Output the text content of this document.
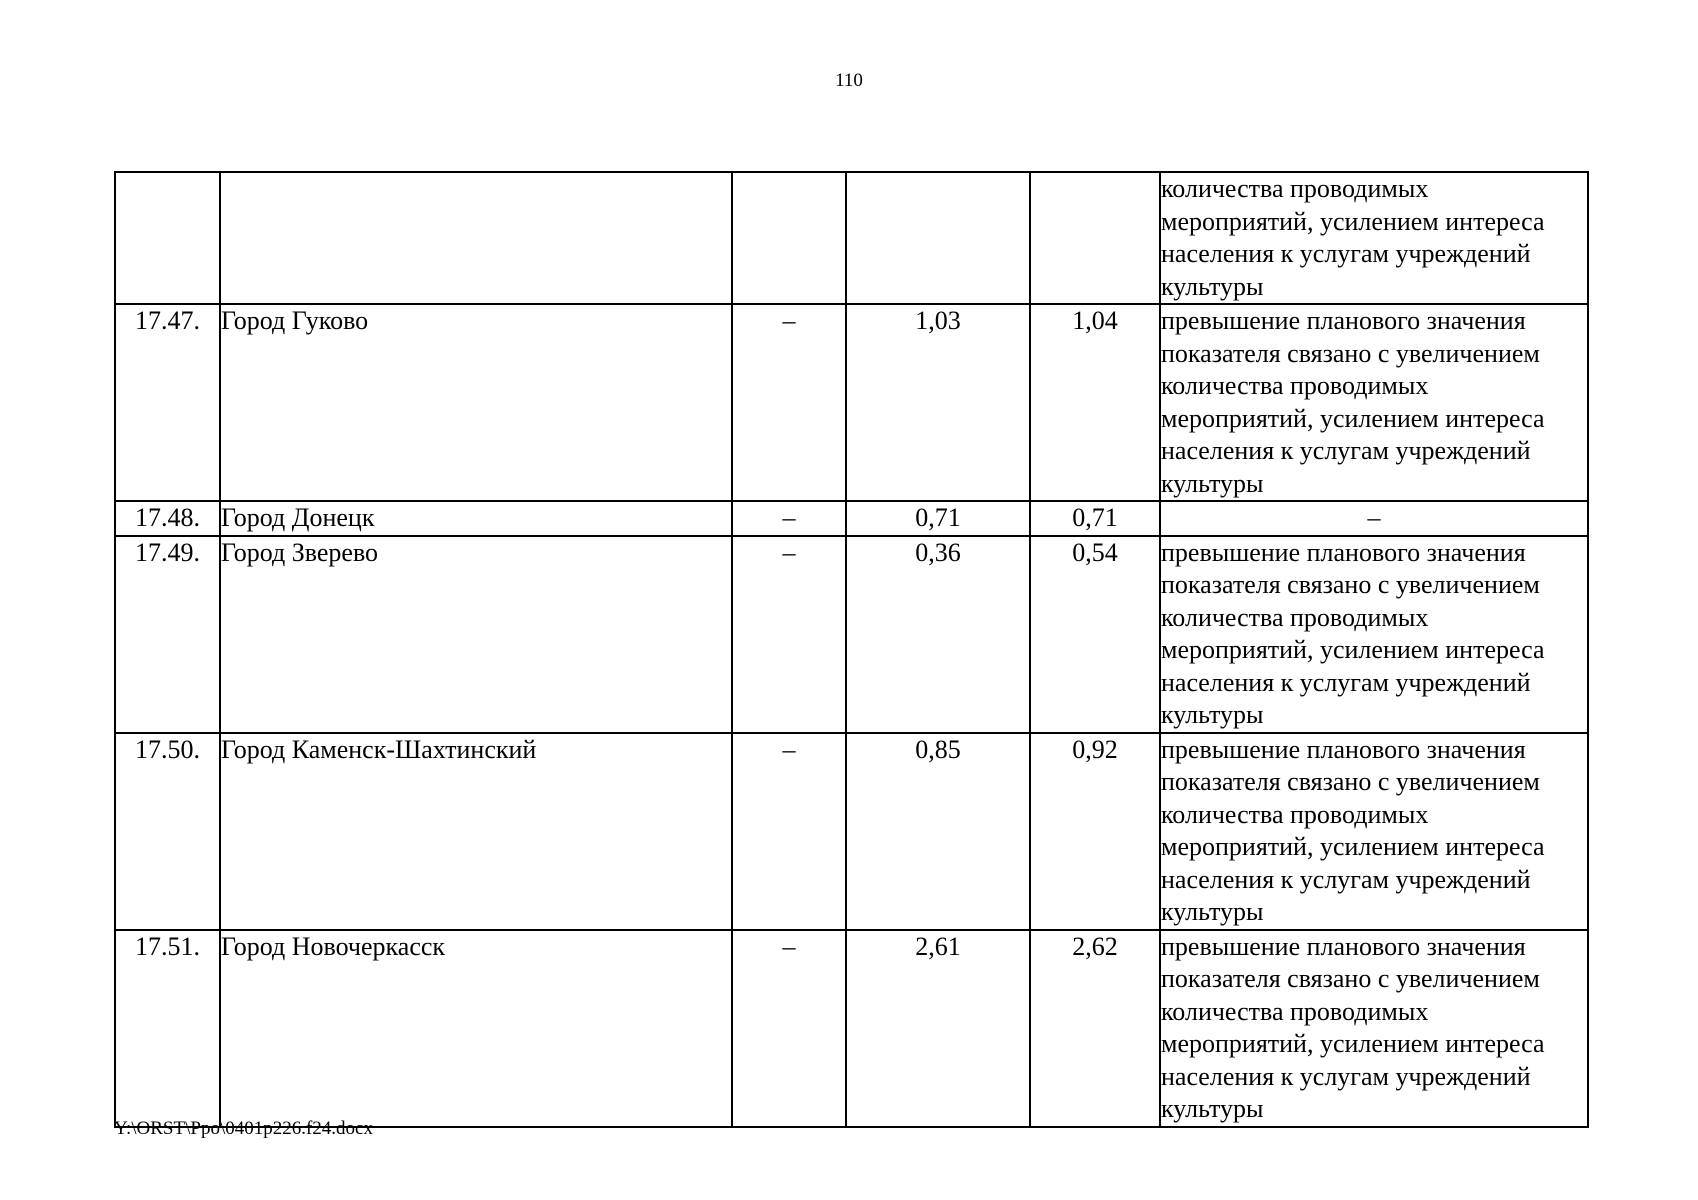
110
					количества проводимых мероприятий, усилением интереса населения к услугам учреждений культуры
17.47.	Город Гуково	–	1,03	1,04	превышение планового значения показателя связано с увеличением количества проводимых мероприятий, усилением интереса населения к услугам учреждений культуры
17.48.	Город Донецк	–	0,71	0,71	–
17.49.	Город Зверево	–	0,36	0,54	превышение планового значения показателя связано с увеличением количества проводимых мероприятий, усилением интереса населения к услугам учреждений культуры
17.50.	Город Каменск-Шахтинский	–	0,85	0,92	превышение планового значения показателя связано с увеличением количества проводимых мероприятий, усилением интереса населения к услугам учреждений культуры
17.51.	Город Новочеркасск	–	2,61	2,62	превышение планового значения показателя связано с увеличением количества проводимых мероприятий, усилением интереса населения к услугам учреждений культуры
Y:\ORST\Ppo\0401p226.f24.docx
